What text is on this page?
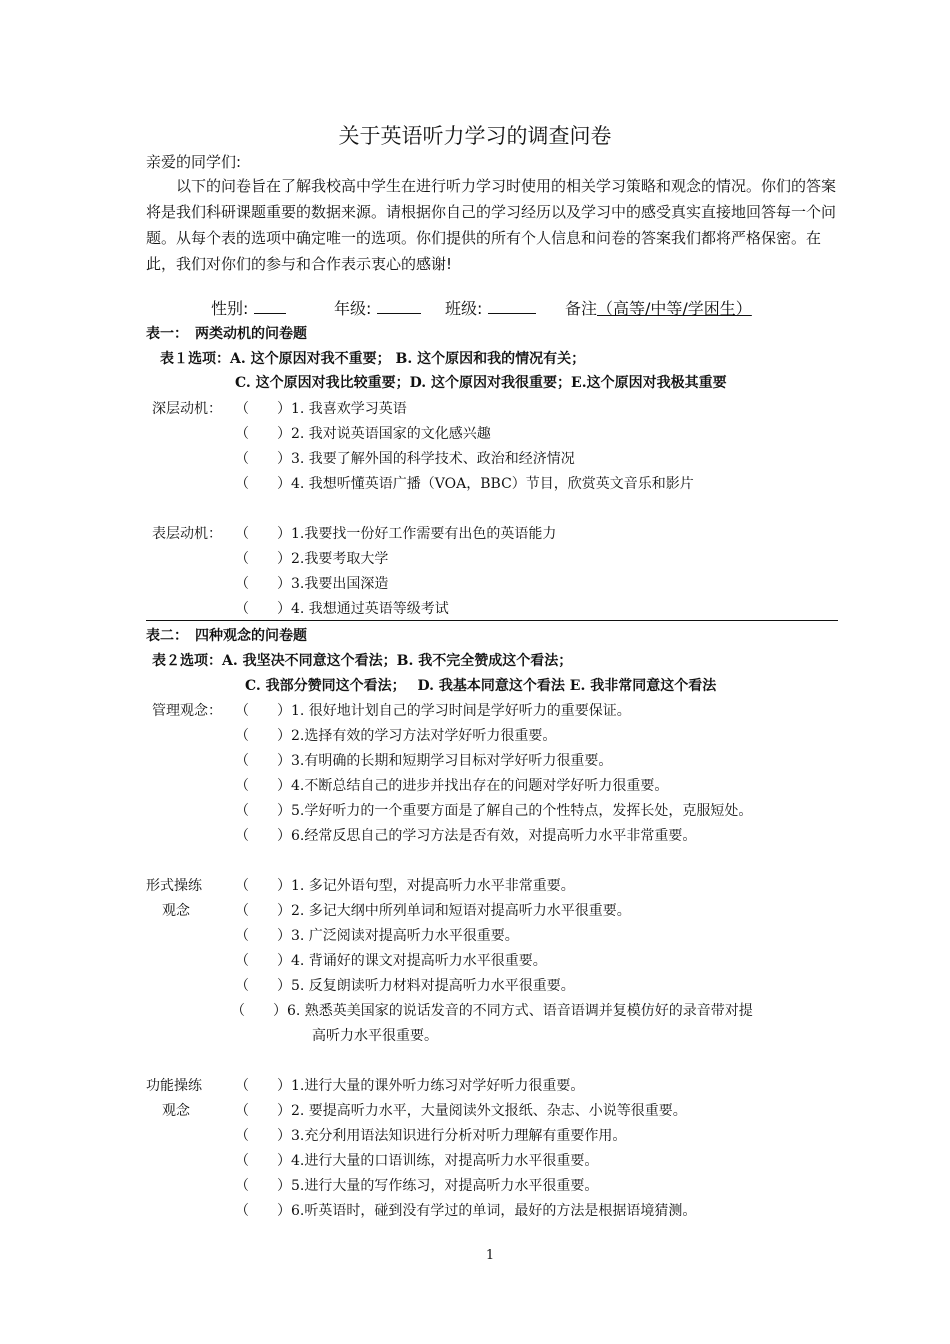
关于英语听力学习的调查问卷
亲爱的同学们:

以下的问卷旨在了解我校高中学生在进行听力学习时使用的相关学习策略和观念的情况。你们的答案将是我们科研课题重要的数据来源。请根据你自己的学习经历以及学习中的感受真实直接地回答每一个问题。从每个表的选项中确定唯一的选项。你们提供的所有个人信息和问卷的答案我们都将严格保密。在此，我们对你们的参与和合作表示衷心的感谢!

性别:	年级:	班级:	备注（高等/中等/学困生）
表一：　两类动机的问卷题
表１选项：A. 这个原因对我不重要； B. 这个原因和我的情况有关；
C. 这个原因对我比较重要；D. 这个原因对我很重要；E.这个原因对我极其重要
深层动机： （　　）1. 我喜欢学习英语
（　　）2. 我对说英语国家的文化感兴趣
（　　）3. 我要了解外国的科学技术、政治和经济情况
（　　）4. 我想听懂英语广播（VOA，BBC）节目，欣赏英文音乐和影片
表层动机： （　　）1.我要找一份好工作需要有出色的英语能力
（　　）2.我要考取大学
（　　）3.我要出国深造
（　　）4. 我想通过英语等级考试
表二：　四种观念的问卷题
表２选项：A. 我坚决不同意这个看法；B. 我不完全赞成这个看法；
C. 我部分赞同这个看法；　 D. 我基本同意这个看法 E. 我非常同意这个看法
管理观念： （　　）1. 很好地计划自己的学习时间是学好听力的重要保证。
（　　）2.选择有效的学习方法对学好听力很重要。
（　　）3.有明确的长期和短期学习目标对学好听力很重要。
（　　）4.不断总结自己的进步并找出存在的问题对学好听力很重要。
（　　）5.学好听力的一个重要方面是了解自己的个性特点，发挥长处，克服短处。
（　　）6.经常反思自己的学习方法是否有效，对提高听力水平非常重要。
形式操练
观念
（　　）1. 多记外语句型，对提高听力水平非常重要。
（　　）2. 多记大纲中所列单词和短语对提高听力水平很重要。
（　　）3. 广泛阅读对提高听力水平很重要。
（　　）4. 背诵好的课文对提高听力水平很重要。
（　　）5. 反复朗读听力材料对提高听力水平很重要。
（　　）6. 熟悉英美国家的说话发音的不同方式、语音语调并复模仿好的录音带对提
高听力水平很重要。
功能操练
观念
（　　）1.进行大量的课外听力练习对学好听力很重要。
（　　）2. 要提高听力水平，大量阅读外文报纸、杂志、小说等很重要。
（　　）3.充分利用语法知识进行分析对听力理解有重要作用。
（　　）4.进行大量的口语训练，对提高听力水平很重要。
（　　）5.进行大量的写作练习，对提高听力水平很重要。
（　　）6.听英语时，碰到没有学过的单词，最好的方法是根据语境猜测。
1
